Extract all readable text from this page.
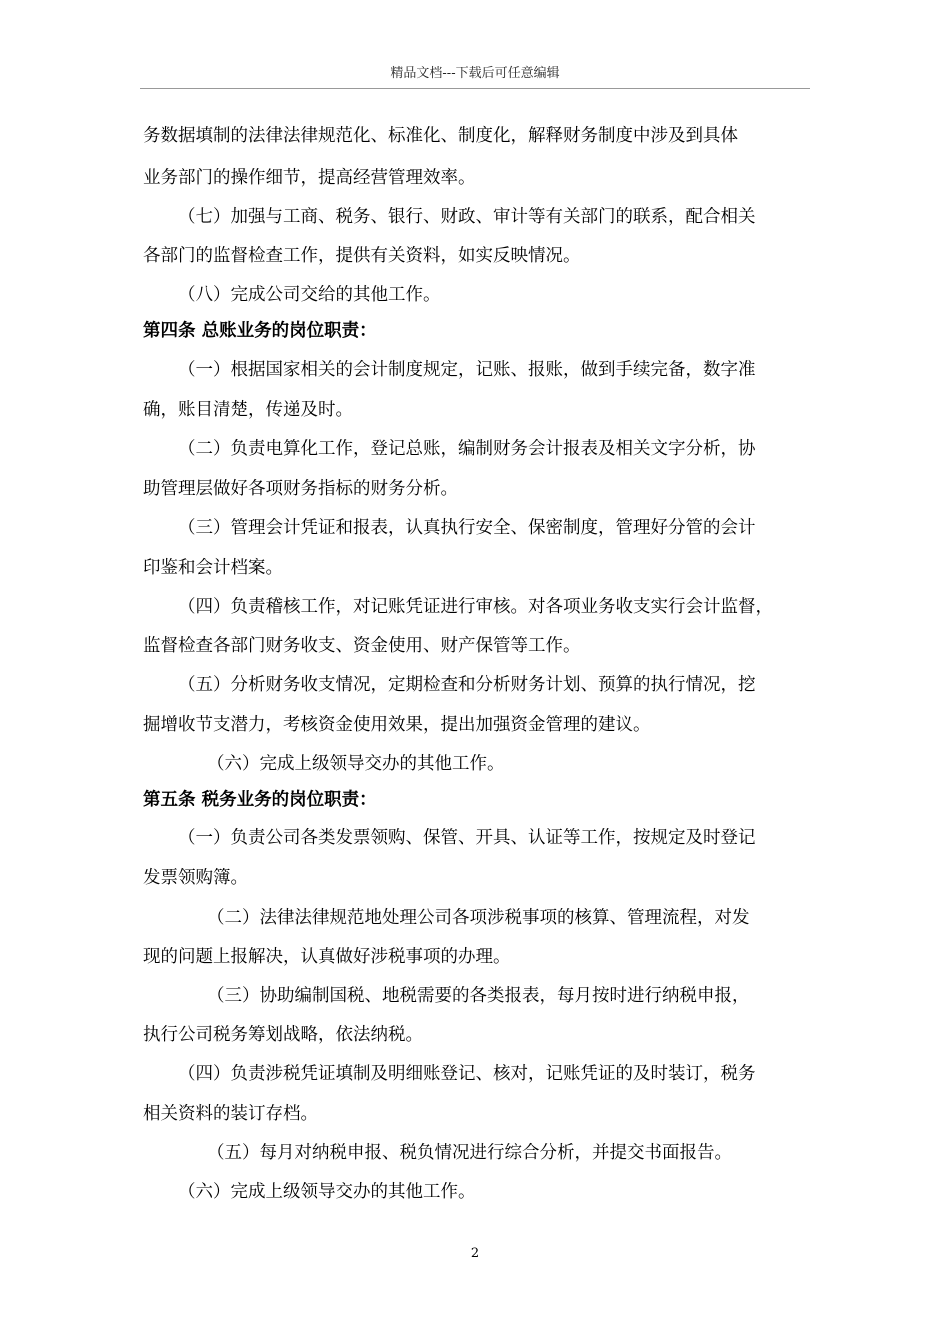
精品文档---下载后可任意编辑
务数据填制的法律法律规范化、标准化、制度化，解释财务制度中涉及到具体
业务部门的操作细节，提高经营管理效率。
（七）加强与工商、税务、银行、财政、审计等有关部门的联系，配合相关
各部门的监督检查工作，提供有关资料，如实反映情况。
（八）完成公司交给的其他工作。
第四条 总账业务的岗位职责：
（一）根据国家相关的会计制度规定，记账、报账，做到手续完备，数字准
确，账目清楚，传递及时。
（二）负责电算化工作，登记总账，编制财务会计报表及相关文字分析，协
助管理层做好各项财务指标的财务分析。
（三）管理会计凭证和报表，认真执行安全、保密制度，管理好分管的会计
印鉴和会计档案。
（四）负责稽核工作，对记账凭证进行审核。对各项业务收支实行会计监督，
监督检查各部门财务收支、资金使用、财产保管等工作。
（五）分析财务收支情况，定期检查和分析财务计划、预算的执行情况，挖
掘增收节支潜力，考核资金使用效果，提出加强资金管理的建议。
（六）完成上级领导交办的其他工作。
第五条 税务业务的岗位职责：
（一）负责公司各类发票领购、保管、开具、认证等工作，按规定及时登记
发票领购簿。
（二）法律法律规范地处理公司各项涉税事项的核算、管理流程，对发
现的问题上报解决，认真做好涉税事项的办理。
（三）协助编制国税、地税需要的各类报表，每月按时进行纳税申报，
执行公司税务筹划战略，依法纳税。
（四）负责涉税凭证填制及明细账登记、核对，记账凭证的及时装订，税务
相关资料的装订存档。
（五）每月对纳税申报、税负情况进行综合分析，并提交书面报告。
（六）完成上级领导交办的其他工作。
2
